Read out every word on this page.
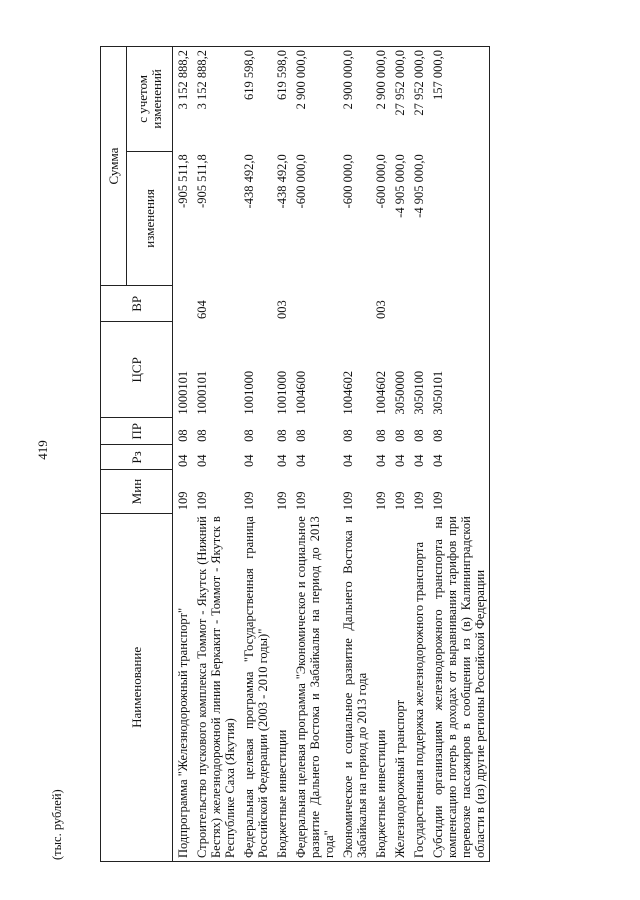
419
(тыс. рублей)
Наименование	Мин	Рз	ПР	ЦСР	ВР	Сумма	
						изменения	с учетом изменений
Подпрограмма "Железнодорожный транспорт"	109	04	08	1000101		-905 511,8	3 152 888,2
Строительство пускового комплекса Томмот - Якутск (Нижний Бестях) железнодорожной линии Беркакит - Томмот - Якутск в Республике Саха (Якутия)	109	04	08	1000101	604	-905 511,8	3 152 888,2
Федеральная целевая программа "Государственная граница Российской Федерации (2003 - 2010 годы)"	109	04	08	1001000		-438 492,0	619 598,0
Бюджетные инвестиции	109	04	08	1001000	003	-438 492,0	619 598,0
Федеральная целевая программа "Экономическое и социальное развитие Дальнего Востока и Забайкалья на период до 2013 года"	109	04	08	1004600		-600 000,0	2 900 000,0
Экономическое и социальное развитие Дальнего Востока и Забайкалья на период до 2013 года	109	04	08	1004602		-600 000,0	2 900 000,0
Бюджетные инвестиции	109	04	08	1004602	003	-600 000,0	2 900 000,0
Железнодорожный транспорт	109	04	08	3050000		-4 905 000,0	27 952 000,0
Государственная поддержка железнодорожного транспорта	109	04	08	3050100		-4 905 000,0	27 952 000,0
Субсидии организациям железнодорожного транспорта на компенсацию потерь в доходах от выравнивания тарифов при перевозке пассажиров в сообщении из (в) Калининградской области в (из) другие регионы Российской Федерации	109	04	08	3050101			157 000,0
